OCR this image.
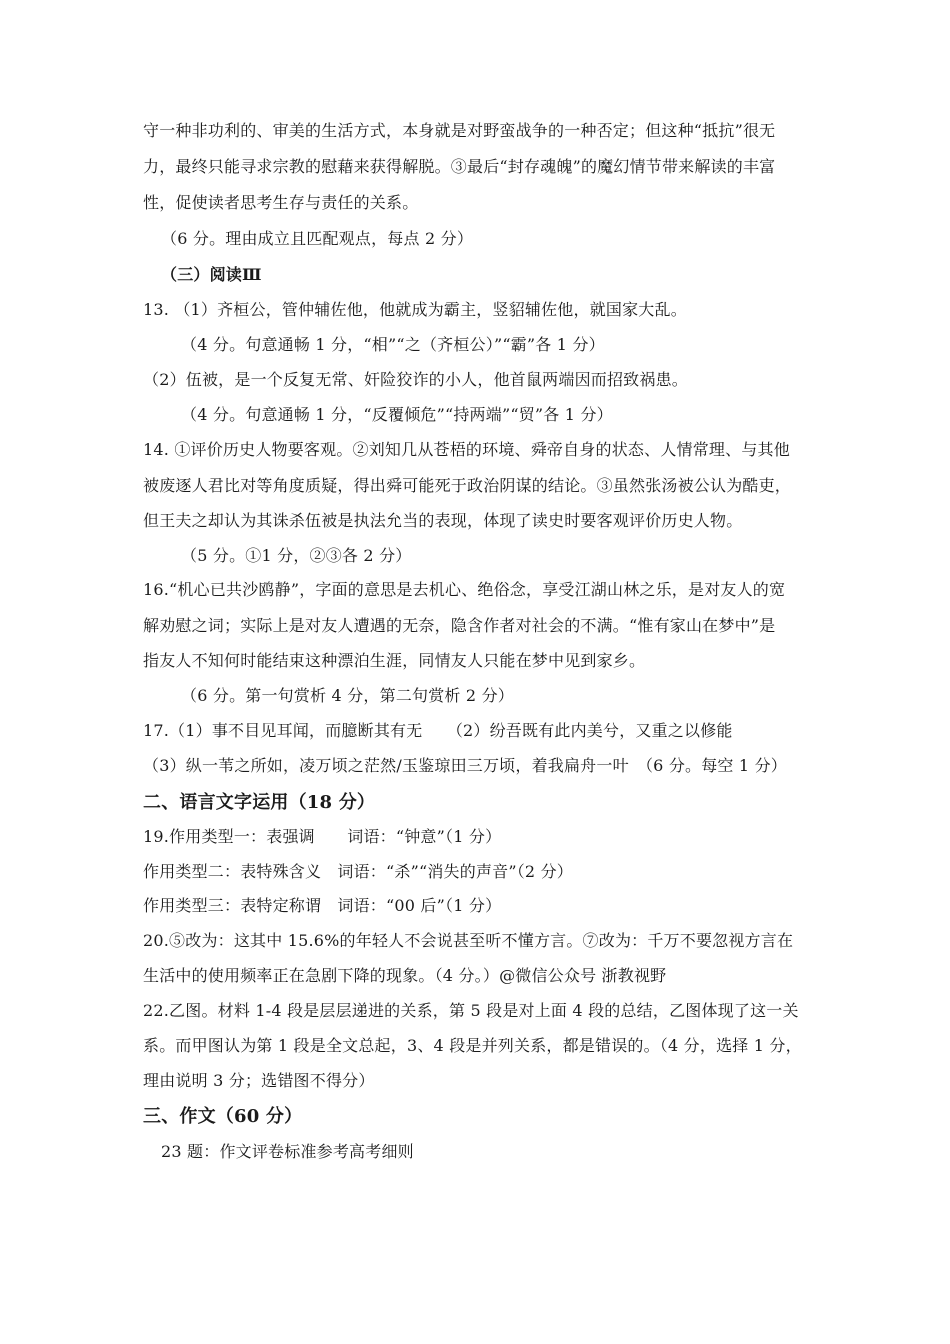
守一种非功利的、审美的生活方式，本身就是对野蛮战争的一种否定；但这种“抵抗”很无
力，最终只能寻求宗教的慰藉来获得解脱。③最后“封存魂魄”的魔幻情节带来解读的丰富
性，促使读者思考生存与责任的关系。
（6 分。理由成立且匹配观点，每点 2 分）
（三）阅读Ⅲ
13. （1）齐桓公，管仲辅佐他，他就成为霸主，竖貂辅佐他，就国家大乱。
（4 分。句意通畅 1 分，“相”“之（齐桓公）”“霸”各 1 分）
（2）伍被，是一个反复无常、奸险狡诈的小人，他首鼠两端因而招致祸患。
（4 分。句意通畅 1 分，“反覆倾危”“持两端”“贸”各 1 分）
14. ①评价历史人物要客观。②刘知几从苍梧的环境、舜帝自身的状态、人情常理、与其他
被废逐人君比对等角度质疑，得出舜可能死于政治阴谋的结论。③虽然张汤被公认为酷吏，
但王夫之却认为其诛杀伍被是执法允当的表现，体现了读史时要客观评价历史人物。
（5 分。①1 分，②③各 2 分）
16.“机心已共沙鸥静”，字面的意思是去机心、绝俗念，享受江湖山林之乐，是对友人的宽
解劝慰之词；实际上是对友人遭遇的无奈，隐含作者对社会的不满。“惟有家山在梦中”是
指友人不知何时能结束这种漂泊生涯，同情友人只能在梦中见到家乡。
（6 分。第一句赏析 4 分，第二句赏析 2 分）
17.（1）事不目见耳闻，而臆断其有无　　（2）纷吾既有此内美兮，又重之以修能
（3）纵一苇之所如，凌万顷之茫然/玉鉴琼田三万顷，着我扁舟一叶　（6 分。每空 1 分）
二、语言文字运用（18 分）
19.作用类型一：表强调　　词语：“钟意”（1 分）
作用类型二：表特殊含义　词语：“杀”“消失的声音”（2 分）
作用类型三：表特定称谓　词语：“00 后”（1 分）
20.⑤改为：这其中 15.6%的年轻人不会说甚至听不懂方言。⑦改为：千万不要忽视方言在
生活中的使用频率正在急剧下降的现象。（4 分。）@微信公众号 浙教视野
22.乙图。材料 1-4 段是层层递进的关系，第 5 段是对上面 4 段的总结，乙图体现了这一关
系。而甲图认为第 1 段是全文总起，3、4 段是并列关系，都是错误的。（4 分，选择 1 分，
理由说明 3 分；选错图不得分）
三、作文（60 分）
23 题：作文评卷标准参考高考细则
